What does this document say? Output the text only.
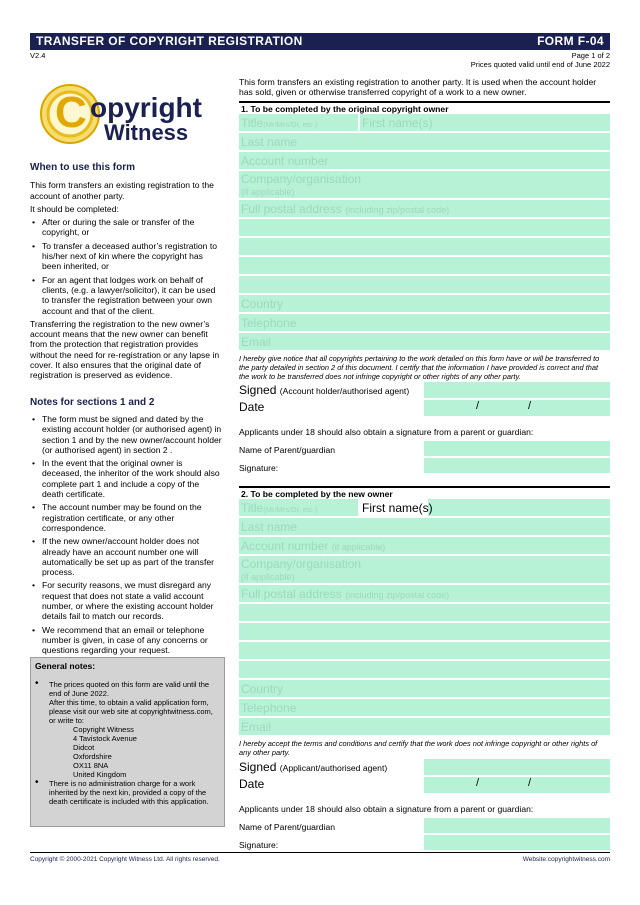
TRANSFER OF COPYRIGHT REGISTRATION	FORM F-04
V2.4	Page 1 of 2
Prices quoted valid until end of June 2022
C opyright
Witness
When to use this form

This form transfers an existing registration to the account of another party.

It should be completed:

• After or during the sale or transfer of the copyright, or
• To transfer a deceased author’s registration to his/her next of kin where the copyright has been inherited, or
• For an agent that lodges work on behalf of clients, (e.g. a lawyer/solicitor), it can be used to transfer the registration between your own account and that of the client.

Transferring the registration to the new owner’s account means that the new owner can benefit from the protection that registration provides without the need for re-registration or any lapse in cover. It also ensures that the original date of registration is preserved as evidence.

Notes for sections 1 and 2
• The form must be signed and dated by the existing account holder (or authorised agent) in section 1 and by the new owner/account holder (or authorised agent) in section 2 .
• In the event that the original owner is deceased, the inheritor of the work should also complete part 1 and include a copy of the death certificate.
• The account number may be found on the registration certificate, or any other correspondence.
• If the new owner/account holder does not already have an account number one will automatically be set up as part of the transfer process.
• For security reasons, we must disregard any request that does not state a valid account number, or where the existing account holder details fail to match our records.
• We recommend that an email or telephone number is given, in case of any concerns or questions regarding your request.
General notes:
• The prices quoted on this form are valid until the end of June 2022.
After this time, to obtain a valid application form, please visit our web site at copyrightwitness.com, or write to:
Copyright Witness
4 Tavistock Avenue
Didcot
Oxfordshire
OX11 8NA
United Kingdom
• There is no administration charge for a work inherited by the next kin, provided a copy of the death certificate is included with this application.
This form transfers an existing registration to another party. It is used when the account holder has sold, given or otherwise transferred copyright of a work to a new owner.
1. To be completed by the original copyright owner
Title(Mr/Mrs/Dr, etc.)	First name(s)
Last name
Account number
Company/organisation
(if applicable)
Full postal address (including zip/postal code)
Country
Telephone
Email
I hereby give notice that all copyrights pertaining to the work detailed on this form have or will be transferred to the party detailed in section 2 of this document. I certify that the information I have provided is correct and that the work to be transferred does not infringe copyright or other rights of any other party.
Signed (Account holder/authorised agent)
Date	/	/
Applicants under 18 should also obtain a signature from a parent or guardian:
Name of Parent/guardian
Signature:
2. To be completed by the new owner
Title(Mr/Mrs/Dr, etc.)	First name(s)
Last name
Account number (if applicable)
Company/organisation
(if applicable)
Full postal address (including zip/postal code)
Country
Telephone
Email
I hereby accept the terms and conditions and certify that the work does not infringe copyright or other rights of any other party.
Signed (Applicant/authorised agent)
Date	/	/
Applicants under 18 should also obtain a signature from a parent or guardian:
Name of Parent/guardian
Signature:
Copyright © 2000-2021 Copyright Witness Ltd. All rights reserved.	Website:copyrightwitness.com
